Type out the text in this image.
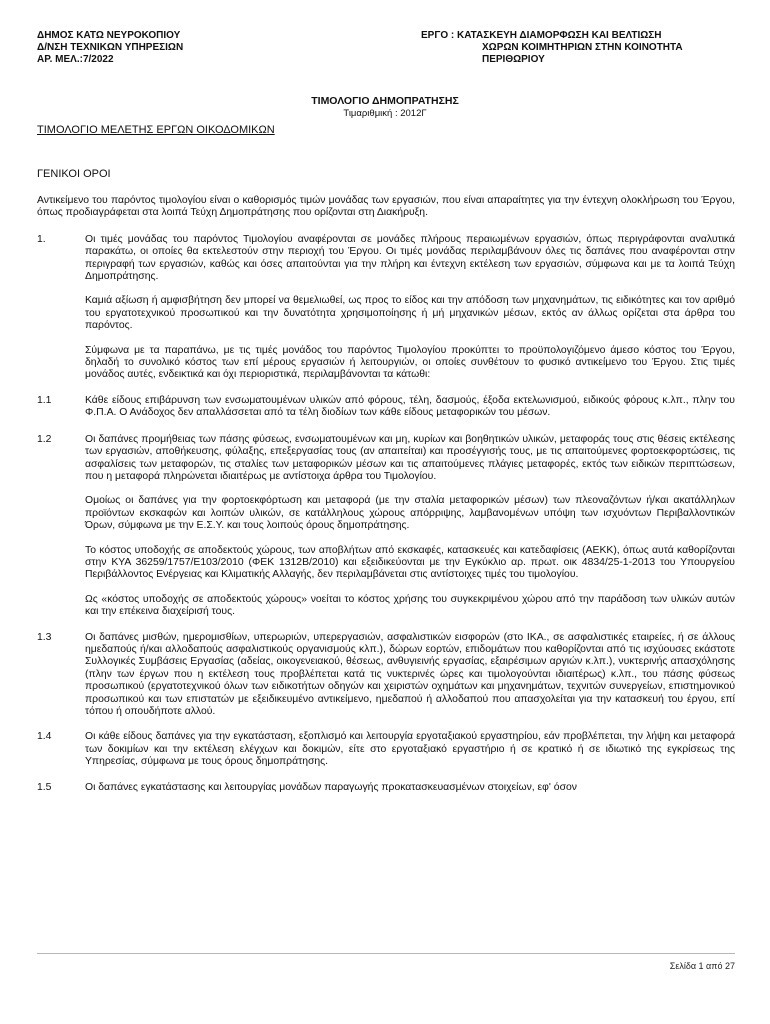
ΔΗΜΟΣ ΚΑΤΩ ΝΕΥΡΟΚΟΠΙΟΥ
Δ/ΝΣΗ ΤΕΧΝΙΚΩΝ ΥΠΗΡΕΣΙΩΝ
ΑΡ. ΜΕΛ.:7/2022
ΕΡΓΟ : ΚΑΤΑΣΚΕΥΗ ΔΙΑΜΟΡΦΩΣΗ ΚΑΙ ΒΕΛΤΙΩΣΗ
ΧΩΡΩΝ ΚΟΙΜΗΤΗΡΙΩΝ ΣΤΗΝ ΚΟΙΝΟΤΗΤΑ
ΠΕΡΙΘΩΡΙΟΥ
ΤΙΜΟΛΟΓΙΟ ΔΗΜΟΠΡΑΤΗΣΗΣ
Τιμαριθμική : 2012Γ
ΤΙΜΟΛΟΓΙΟ ΜΕΛΕΤΗΣ ΕΡΓΩΝ ΟΙΚΟΔΟΜΙΚΩΝ
ΓΕΝΙΚΟΙ ΟΡΟΙ

Αντικείμενο του παρόντος τιμολογίου είναι ο καθορισμός τιμών μονάδας των εργασιών, που είναι απαραίτητες για την έντεχνη ολοκλήρωση του Έργου, όπως προδιαγράφεται στα λοιπά Τεύχη Δημοπράτησης που ορίζονται στη Διακήρυξη.

1.	Οι τιμές μονάδας του παρόντος Τιμολογίου αναφέρονται σε μονάδες πλήρους περαιωμένων εργασιών, όπως περιγράφονται αναλυτικά παρακάτω, οι οποίες θα εκτελεστούν στην περιοχή του Έργου. Οι τιμές μονάδας περιλαμβάνουν όλες τις δαπάνες που αναφέρονται στην περιγραφή των εργασιών, καθώς και όσες απαιτούνται για την πλήρη και έντεχνη εκτέλεση των εργασιών, σύμφωνα και με τα λοιπά Τεύχη Δημοπράτησης.

Καμιά αξίωση ή αμφισβήτηση δεν μπορεί να θεμελιωθεί, ως προς το είδος και την απόδοση των μηχανημάτων, τις ειδικότητες και τον αριθμό του εργατοτεχνικού προσωπικού και την δυνατότητα χρησιμοποίησης ή μή μηχανικών μέσων, εκτός αν άλλως ορίζεται στα άρθρα του παρόντος.

Σύμφωνα με τα παραπάνω, με τις τιμές μονάδος του παρόντος Τιμολογίου προκύπτει το προϋπολογιζόμενο άμεσο κόστος του Έργου, δηλαδή το συνολικό κόστος των επί μέρους εργασιών ή λειτουργιών, οι οποίες συνθέτουν το φυσικό αντικείμενο του Έργου. Στις τιμές μονάδος αυτές, ενδεικτικά και όχι περιοριστικά, περιλαμβάνονται τα κάτωθι:

1.1	Κάθε είδους επιβάρυνση των ενσωματουμένων υλικών από φόρους, τέλη, δασμούς, έξοδα εκτελωνισμού, ειδικούς φόρους κ.λπ., πλην του Φ.Π.Α. Ο Ανάδοχος δεν απαλλάσσεται από τα τέλη διοδίων των κάθε είδους μεταφορικών του μέσων.

1.2	Οι δαπάνες προμήθειας των πάσης φύσεως, ενσωματουμένων και μη, κυρίων και βοηθητικών υλικών, μεταφοράς τους στις θέσεις εκτέλεσης των εργασιών, αποθήκευσης, φύλαξης, επεξεργασίας τους (αν απαιτείται) και προσέγγισής τους, με τις απαιτούμενες φορτοεκφορτώσεις, τις ασφαλίσεις των μεταφορών, τις σταλίες των μεταφορικών μέσων και τις απαιτούμενες πλάγιες μεταφορές, εκτός των ειδικών περιπτώσεων, που η μεταφορά πληρώνεται ιδιαιτέρως με αντίστοιχα άρθρα του Τιμολογίου.

Ομοίως οι δαπάνες για την φορτοεκφόρτωση και μεταφορά (με την σταλία μεταφορικών μέσων) των πλεοναζόντων ή/και ακατάλληλων προϊόντων εκσκαφών και λοιπών υλικών, σε κατάλληλους χώρους απόρριψης, λαμβανομένων υπόψη των ισχυόντων Περιβαλλοντικών Όρων, σύμφωνα με την Ε.Σ.Υ. και τους λοιπούς όρους δημοπράτησης.

Το κόστος υποδοχής σε αποδεκτούς χώρους, των αποβλήτων από εκσκαφές, κατασκευές και κατεδαφίσεις (ΑΕΚΚ), όπως αυτά καθορίζονται στην ΚΥΑ 36259/1757/Ε103/2010 (ΦΕΚ 1312Β/2010) και εξειδικεύονται με την Εγκύκλιο αρ. πρωτ. οικ 4834/25-1-2013 του Υπουργείου Περιβάλλοντος Ενέργειας και Κλιματικής Αλλαγής, δεν περιλαμβάνεται στις αντίστοιχες τιμές του τιμολογίου.

Ως «κόστος υποδοχής σε αποδεκτούς χώρους» νοείται το κόστος χρήσης του συγκεκριμένου χώρου από την παράδοση των υλικών αυτών και την επέκεινα διαχείρισή τους.

1.3	Οι δαπάνες μισθών, ημερομισθίων, υπερωριών, υπερεργασιών, ασφαλιστικών εισφορών (στο ΙΚΑ., σε ασφαλιστικές εταιρείες, ή σε άλλους ημεδαπούς ή/και αλλοδαπούς ασφαλιστικούς οργανισμούς κλπ.), δώρων εορτών, επιδομάτων που καθορίζονται από τις ισχύουσες εκάστοτε Συλλογικές Συμβάσεις Εργασίας (αδείας, οικογενειακού, θέσεως, ανθυγιεινής εργασίας, εξαιρέσιμων αργιών κ.λπ.), νυκτερινής απασχόλησης (πλην των έργων που η εκτέλεση τους προβλέπεται κατά τις νυκτερινές ώρες και τιμολογούνται ιδιαιτέρως) κ.λπ., του πάσης φύσεως προσωπικού (εργατοτεχνικού όλων των ειδικοτήτων οδηγών και χειριστών οχημάτων και μηχανημάτων, τεχνιτών συνεργείων, επιστημονικού προσωπικού και των επιστατών με εξειδικευμένο αντικείμενο, ημεδαπού ή αλλοδαπού που απασχολείται για την κατασκευή του έργου, επί τόπου ή οπουδήποτε αλλού.

1.4	Οι κάθε είδους δαπάνες για την εγκατάσταση, εξοπλισμό και λειτουργία εργοταξιακού εργαστηρίου, εάν προβλέπεται, την λήψη και μεταφορά των δοκιμίων και την εκτέλεση ελέγχων και δοκιμών, είτε στο εργοταξιακό εργαστήριο ή σε κρατικό ή σε ιδιωτικό της εγκρίσεως της Υπηρεσίας, σύμφωνα με τους όρους δημοπράτησης.

1.5	Οι δαπάνες εγκατάστασης και λειτουργίας μονάδων παραγωγής προκατασκευασμένων στοιχείων, εφ' όσον

Σελίδα 1 από 27
